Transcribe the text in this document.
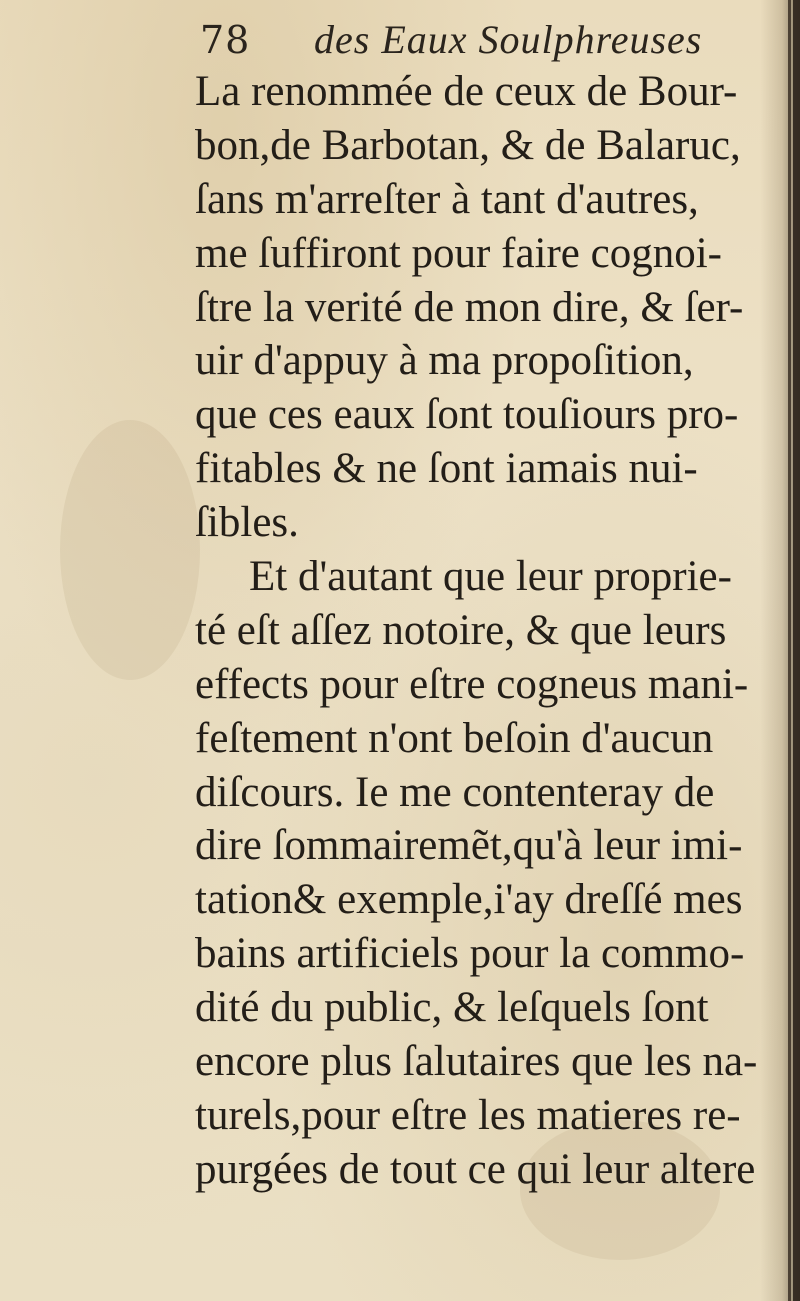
78 des Eaux Soulphreuses
La renommée de ceux de Bour-
bon,de Barbotan, & de Balaruc,
ſans m'arreſter à tant d'autres,
me ſuffiront pour faire cognoi-
ſtre la verité de mon dire, & ſer-
uir d'appuy à ma propoſition,
que ces eaux ſont touſiours pro-
fitables & ne ſont iamais nui-
ſibles.
Et d'autant que leur proprie-
té eſt aſſez notoire, & que leurs
effects pour eſtre cogneus mani-
feſtement n'ont beſoin d'aucun
diſcours. Ie me contenteray de
dire ſommairemẽt,qu'à leur imi-
tation& exemple,i'ay dreſſé mes
bains artificiels pour la commo-
dité du public, & leſquels ſont
encore plus ſalutaires que les na-
turels,pour eſtre les matieres re-
purgées de tout ce qui leur altere
